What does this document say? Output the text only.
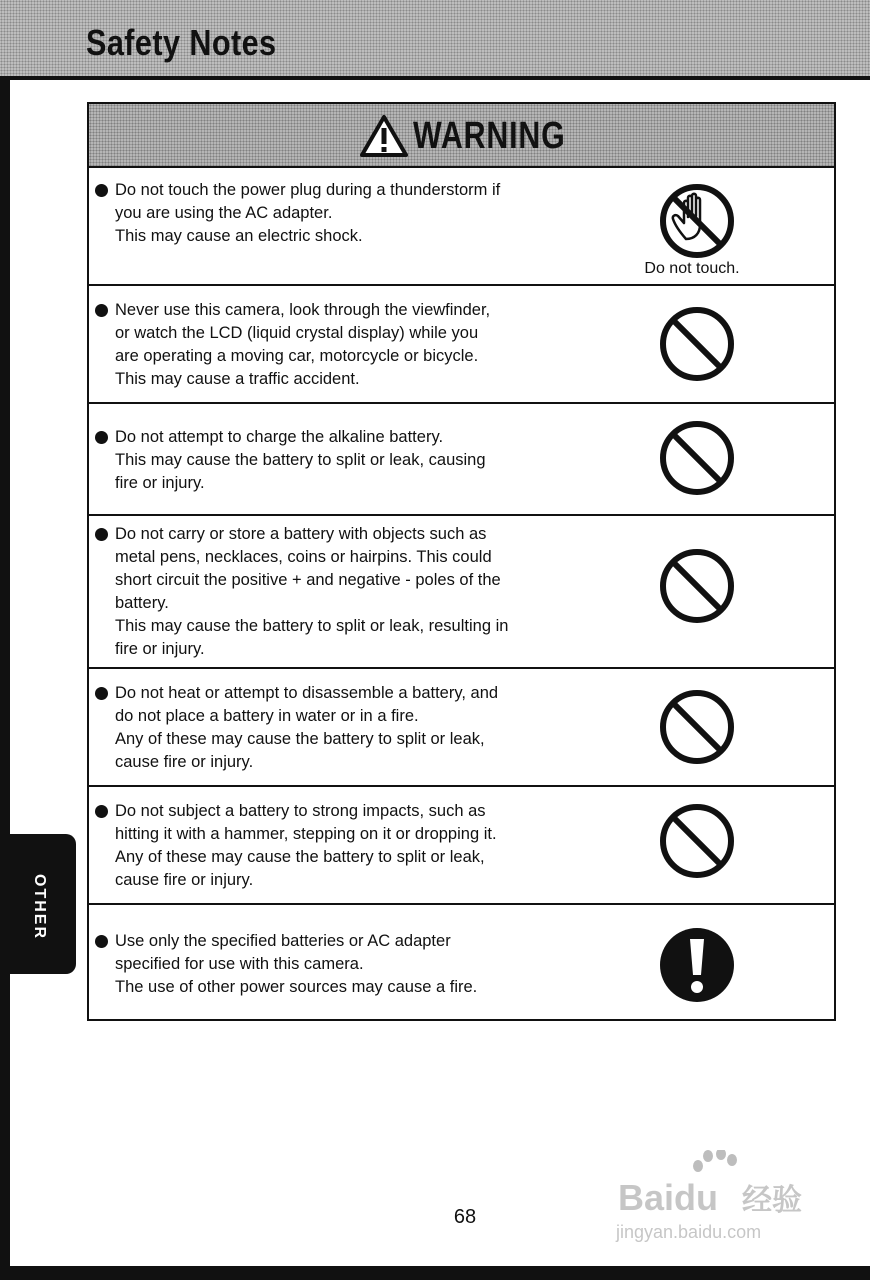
Safety Notes
OTHER
WARNING
Do not touch the power plug during a thunderstorm if
you are using the AC adapter.
This may cause an electric shock.
Do not touch.
Never use this camera, look through the viewfinder,
or watch the LCD (liquid crystal display) while you
are operating a moving car, motorcycle or bicycle.
This may cause a traffic accident.
Do not attempt to charge the alkaline battery.
This may cause the battery to split or leak, causing
fire or injury.
Do not carry or store a battery with objects such as
metal pens, necklaces, coins or hairpins. This could
short circuit the positive + and negative - poles of the
battery.
This may cause the battery to split or leak, resulting in
fire or injury.
Do not heat or attempt to disassemble a battery, and
do not place a battery in water or in a fire.
Any of these may cause the battery to split or leak,
cause fire or injury.
Do not subject a battery to strong impacts, such as
hitting it with a hammer, stepping on it or dropping it.
Any of these may cause the battery to split or leak,
cause fire or injury.
Use only the specified batteries or AC adapter
specified for use with this camera.
The use of other power sources may cause a fire.
68	Baidu 经验
jingyan.baidu.com
